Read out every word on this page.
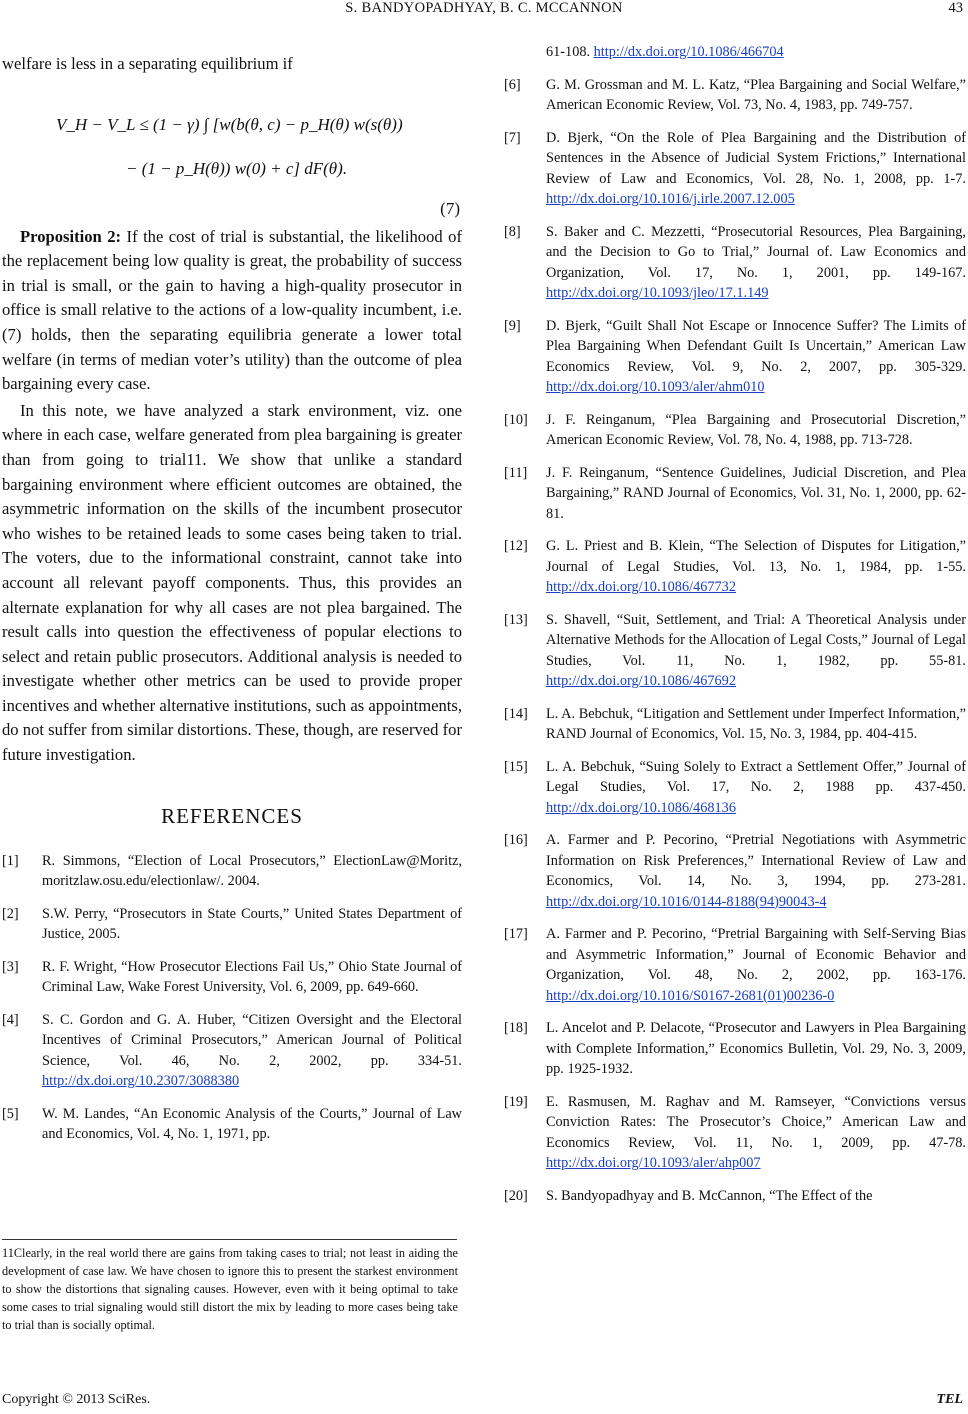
S. BANDYOPADHYAY, B. C. MCCANNON	43

welfare is less in a separating equilibrium if

V_H − V_L ≤ (1 − γ) ∫ [w(b(θ, c) − p_H(θ) w(s(θ))
− (1 − p_H(θ)) w(0) + c] dF(θ).
(7)

Proposition 2: If the cost of trial is substantial, the likelihood of the replacement being low quality is great, the probability of success in trial is small, or the gain to having a high-quality prosecutor in office is small relative to the actions of a low-quality incumbent, i.e. (7) holds, then the separating equilibria generate a lower total welfare (in terms of median voter’s utility) than the outcome of plea bargaining every case.

In this note, we have analyzed a stark environment, viz. one where in each case, welfare generated from plea bargaining is greater than from going to trial11. We show that unlike a standard bargaining environment where efficient outcomes are obtained, the asymmetric information on the skills of the incumbent prosecutor who wishes to be retained leads to some cases being taken to trial. The voters, due to the informational constraint, cannot take into account all relevant payoff components. Thus, this provides an alternate explanation for why all cases are not plea bargained. The result calls into question the effectiveness of popular elections to select and retain public prosecutors. Additional analysis is needed to investigate whether other metrics can be used to provide proper incentives and whether alternative institutions, such as appointments, do not suffer from similar distortions. These, though, are reserved for future investigation.

REFERENCES
[1] R. Simmons, “Election of Local Prosecutors,” ElectionLaw@Moritz, moritzlaw.osu.edu/electionlaw/. 2004.
[2] S.W. Perry, “Prosecutors in State Courts,” United States Department of Justice, 2005.
[3] R. F. Wright, “How Prosecutor Elections Fail Us,” Ohio State Journal of Criminal Law, Wake Forest University, Vol. 6, 2009, pp. 649-660.
[4] S. C. Gordon and G. A. Huber, “Citizen Oversight and the Electoral Incentives of Criminal Prosecutors,” American Journal of Political Science, Vol. 46, No. 2, 2002, pp. 334-51. http://dx.doi.org/10.2307/3088380
[5] W. M. Landes, “An Economic Analysis of the Courts,” Journal of Law and Economics, Vol. 4, No. 1, 1971, pp.
61-108. http://dx.doi.org/10.1086/466704
[6] G. M. Grossman and M. L. Katz, “Plea Bargaining and Social Welfare,” American Economic Review, Vol. 73, No. 4, 1983, pp. 749-757.
[7] D. Bjerk, “On the Role of Plea Bargaining and the Distribution of Sentences in the Absence of Judicial System Frictions,” International Review of Law and Economics, Vol. 28, No. 1, 2008, pp. 1-7. http://dx.doi.org/10.1016/j.irle.2007.12.005
[8] S. Baker and C. Mezzetti, “Prosecutorial Resources, Plea Bargaining, and the Decision to Go to Trial,” Journal of. Law Economics and Organization, Vol. 17, No. 1, 2001, pp. 149-167. http://dx.doi.org/10.1093/jleo/17.1.149
[9] D. Bjerk, “Guilt Shall Not Escape or Innocence Suffer? The Limits of Plea Bargaining When Defendant Guilt Is Uncertain,” American Law Economics Review, Vol. 9, No. 2, 2007, pp. 305-329. http://dx.doi.org/10.1093/aler/ahm010
[10] J. F. Reinganum, “Plea Bargaining and Prosecutorial Discretion,” American Economic Review, Vol. 78, No. 4, 1988, pp. 713-728.
[11] J. F. Reinganum, “Sentence Guidelines, Judicial Discretion, and Plea Bargaining,” RAND Journal of Economics, Vol. 31, No. 1, 2000, pp. 62-81.
[12] G. L. Priest and B. Klein, “The Selection of Disputes for Litigation,” Journal of Legal Studies, Vol. 13, No. 1, 1984, pp. 1-55. http://dx.doi.org/10.1086/467732
[13] S. Shavell, “Suit, Settlement, and Trial: A Theoretical Analysis under Alternative Methods for the Allocation of Legal Costs,” Journal of Legal Studies, Vol. 11, No. 1, 1982, pp. 55-81. http://dx.doi.org/10.1086/467692
[14] L. A. Bebchuk, “Litigation and Settlement under Imperfect Information,” RAND Journal of Economics, Vol. 15, No. 3, 1984, pp. 404-415.
[15] L. A. Bebchuk, “Suing Solely to Extract a Settlement Offer,” Journal of Legal Studies, Vol. 17, No. 2, 1988 pp. 437-450. http://dx.doi.org/10.1086/468136
[16] A. Farmer and P. Pecorino, “Pretrial Negotiations with Asymmetric Information on Risk Preferences,” International Review of Law and Economics, Vol. 14, No. 3, 1994, pp. 273-281. http://dx.doi.org/10.1016/0144-8188(94)90043-4
[17] A. Farmer and P. Pecorino, “Pretrial Bargaining with Self-Serving Bias and Asymmetric Information,” Journal of Economic Behavior and Organization, Vol. 48, No. 2, 2002, pp. 163-176. http://dx.doi.org/10.1016/S0167-2681(01)00236-0
[18] L. Ancelot and P. Delacote, “Prosecutor and Lawyers in Plea Bargaining with Complete Information,” Economics Bulletin, Vol. 29, No. 3, 2009, pp. 1925-1932.
[19] E. Rasmusen, M. Raghav and M. Ramseyer, “Convictions versus Conviction Rates: The Prosecutor’s Choice,” American Law and Economics Review, Vol. 11, No. 1, 2009, pp. 47-78. http://dx.doi.org/10.1093/aler/ahp007
[20] S. Bandyopadhyay and B. McCannon, “The Effect of the
11Clearly, in the real world there are gains from taking cases to trial; not least in aiding the development of case law. We have chosen to ignore this to present the starkest environment to show the distortions that signaling causes. However, even with it being optimal to take some cases to trial signaling would still distort the mix by leading to more cases being take to trial than is socially optimal.
Copyright © 2013 SciRes.	TEL
